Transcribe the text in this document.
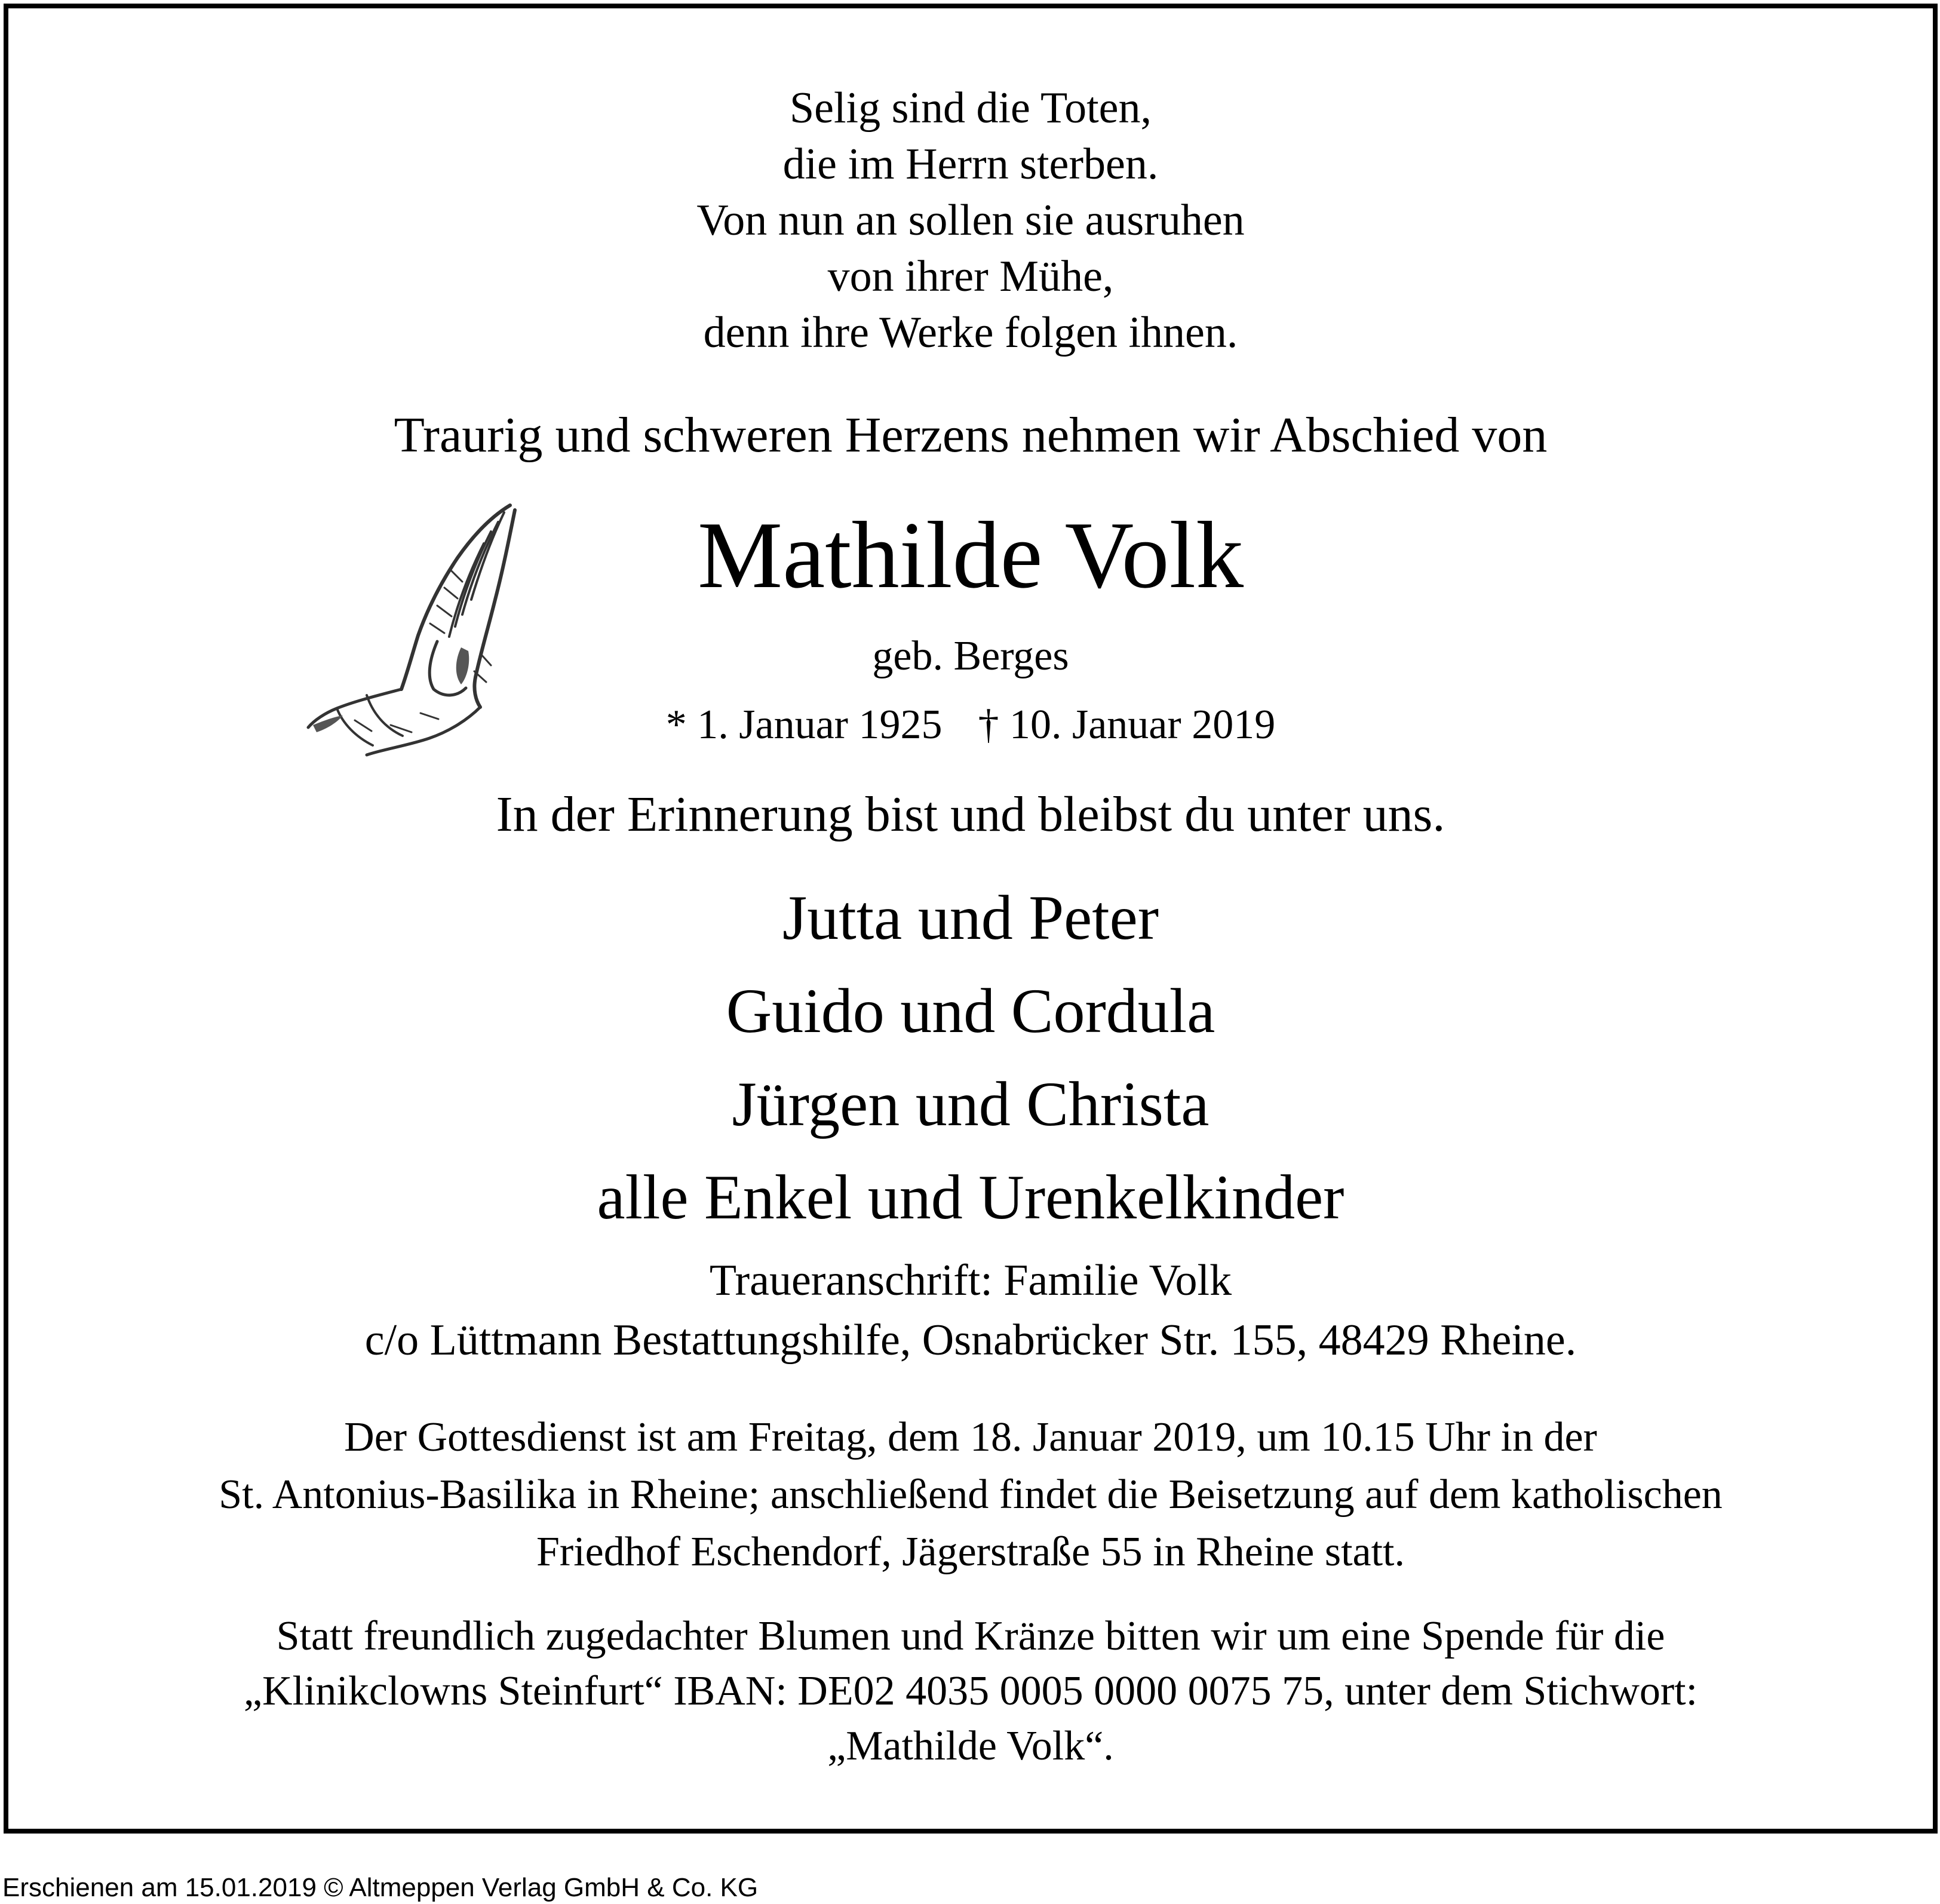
Selig sind die Toten,
die im Herrn sterben.
Von nun an sollen sie ausruhen
von ihrer Mühe,
denn ihre Werke folgen ihnen.
Traurig und schweren Herzens nehmen wir Abschied von
Mathilde Volk
geb. Berges
* 1. Januar 1925 † 10. Januar 2019
In der Erinnerung bist und bleibst du unter uns.
Jutta und Peter
Guido und Cordula
Jürgen und Christa
alle Enkel und Urenkelkinder
Traueranschrift: Familie Volk
c/o Lüttmann Bestattungshilfe, Osnabrücker Str. 155, 48429 Rheine.
Der Gottesdienst ist am Freitag, dem 18. Januar 2019, um 10.15 Uhr in der
St. Antonius-Basilika in Rheine; anschließend findet die Beisetzung auf dem katholischen
Friedhof Eschendorf, Jägerstraße 55 in Rheine statt.
Statt freundlich zugedachter Blumen und Kränze bitten wir um eine Spende für die
„Klinikclowns Steinfurt“ IBAN: DE02 4035 0005 0000 0075 75, unter dem Stichwort:
„Mathilde Volk“.
Erschienen am 15.01.2019 © Altmeppen Verlag GmbH & Co. KG
